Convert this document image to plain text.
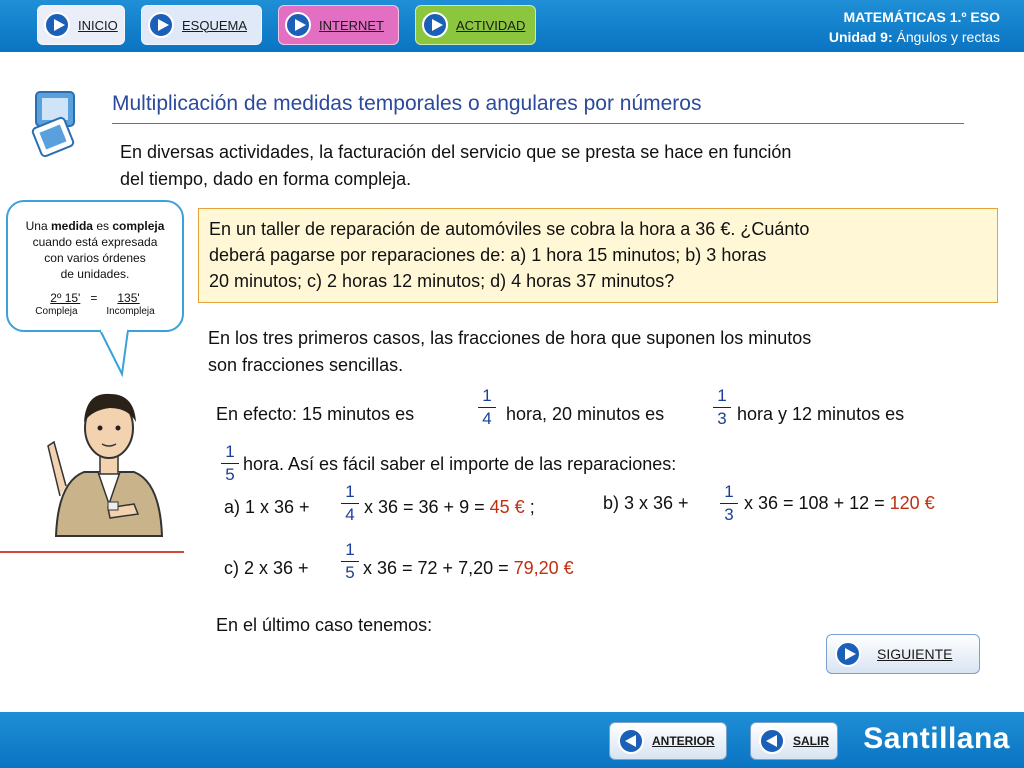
INICIO	ESQUEMA	INTERNET	ACTIVIDAD	MATEMÁTICAS 1.º ESO
Unidad 9: Ángulos y rectas
Multiplicación de medidas temporales o angulares por números
En diversas actividades, la facturación del servicio que se presta se hace en función
del tiempo, dado en forma compleja.
Una medida es compleja
cuando está expresada
con varios órdenes
de unidades.
2º 15' = 135'
Compleja	Incompleja
En un taller de reparación de automóviles se cobra la hora a 36 €. ¿Cuánto
deberá pagarse por reparaciones de: a) 1 hora 15 minutos; b) 3 horas
20 minutos; c) 2 horas 12 minutos; d) 4 horas 37 minutos?
En los tres primeros casos, las fracciones de hora que suponen los minutos
son fracciones sencillas.
En efecto: 15 minutos es
1
4 hora, 20 minutos es
1
3 hora y 12 minutos es
1
5
hora. Así es fácil saber el importe de las reparaciones:
a) 1 x 36 +
1
4 x 36 = 36 + 9 = 45 € ;	b) 3 x 36 +
1
3
x 36 = 108 + 12 = 120 €
c) 2 x 36 +
1
5 x 36 = 72 + 7,20 = 79,20 €
En el último caso tenemos:
SIGUIENTE
ANTERIOR	SALIR Santillana
